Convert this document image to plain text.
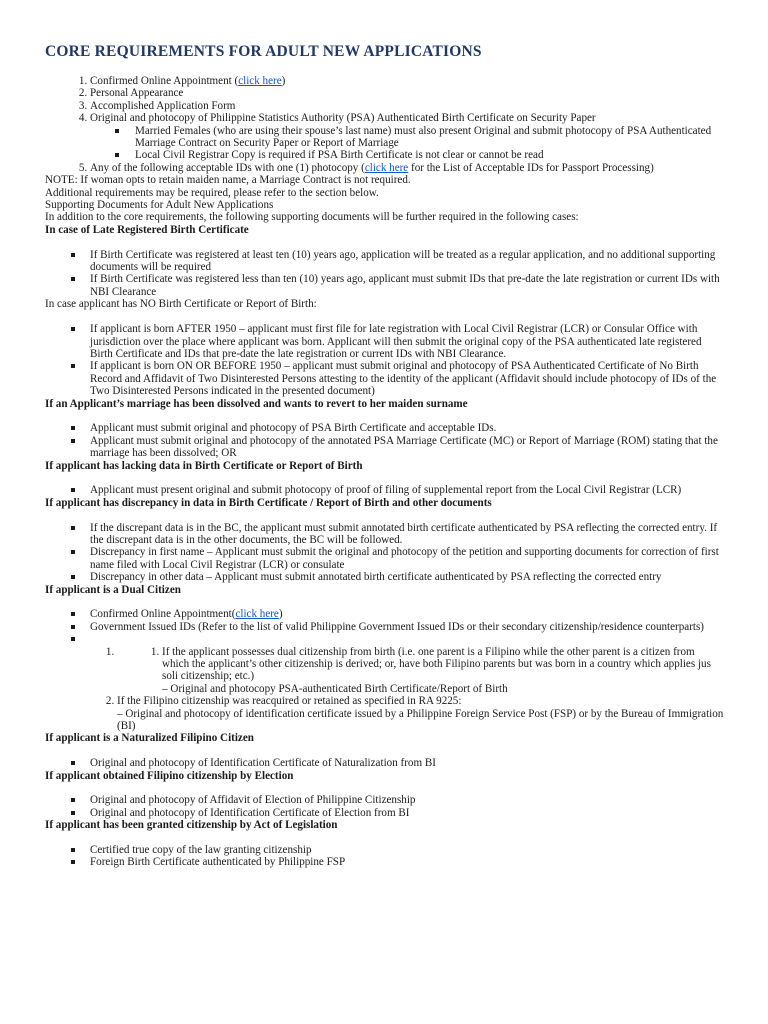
CORE REQUIREMENTS FOR ADULT NEW APPLICATIONS
1. Confirmed Online Appointment (click here)
2. Personal Appearance
3. Accomplished Application Form
4. Original and photocopy of Philippine Statistics Authority (PSA) Authenticated Birth Certificate on Security Paper
Married Females (who are using their spouse’s last name) must also present Original and submit photocopy of PSA Authenticated Marriage Contract on Security Paper or Report of Marriage
Local Civil Registrar Copy is required if PSA Birth Certificate is not clear or cannot be read
5. Any of the following acceptable IDs with one (1) photocopy (click here for the List of Acceptable IDs for Passport Processing)

NOTE: If woman opts to retain maiden name, a Marriage Contract is not required.

Additional requirements may be required, please refer to the section below.

Supporting Documents for Adult New Applications

In addition to the core requirements, the following supporting documents will be further required in the following cases:

In case of Late Registered Birth Certificate

If Birth Certificate was registered at least ten (10) years ago, application will be treated as a regular application, and no additional supporting documents will be required
If Birth Certificate was registered less than ten (10) years ago, applicant must submit IDs that pre-date the late registration or current IDs with NBI Clearance

In case applicant has NO Birth Certificate or Report of Birth:

If applicant is born AFTER 1950 – applicant must first file for late registration with Local Civil Registrar (LCR) or Consular Office with jurisdiction over the place where applicant was born. Applicant will then submit the original copy of the PSA authenticated late registered Birth Certificate and IDs that pre-date the late registration or current IDs with NBI Clearance.
If applicant is born ON OR BEFORE 1950 – applicant must submit original and photocopy of PSA Authenticated Certificate of No Birth Record and Affidavit of Two Disinterested Persons attesting to the identity of the applicant (Affidavit should include photocopy of IDs of the Two Disinterested Persons indicated in the presented document)

If an Applicant’s marriage has been dissolved and wants to revert to her maiden surname

Applicant must submit original and photocopy of PSA Birth Certificate and acceptable IDs.
Applicant must submit original and photocopy of the annotated PSA Marriage Certificate (MC) or Report of Marriage (ROM) stating that the marriage has been dissolved; OR

If applicant has lacking data in Birth Certificate or Report of Birth

Applicant must present original and submit photocopy of proof of filing of supplemental report from the Local Civil Registrar (LCR)

If applicant has discrepancy in data in Birth Certificate / Report of Birth and other documents

If the discrepant data is in the BC, the applicant must submit annotated birth certificate authenticated by PSA reflecting the corrected entry. If the discrepant data is in the other documents, the BC will be followed.
Discrepancy in first name – Applicant must submit the original and photocopy of the petition and supporting documents for correction of first name filed with Local Civil Registrar (LCR) or consulate
Discrepancy in other data – Applicant must submit annotated birth certificate authenticated by PSA reflecting the corrected entry

If applicant is a Dual Citizen

Confirmed Online Appointment(click here)
Government Issued IDs (Refer to the list of valid Philippine Government Issued IDs or their secondary citizenship/residence counterparts)
1. 1. If the applicant possesses dual citizenship from birth (i.e. one parent is a Filipino while the other parent is a citizen from which the applicant’s other citizenship is derived; or, have both Filipino parents but was born in a country which applies jus soli citizenship; etc.)
– Original and photocopy PSA-authenticated Birth Certificate/Report of Birth
2. If the Filipino citizenship was reacquired or retained as specified in RA 9225:
– Original and photocopy of identification certificate issued by a Philippine Foreign Service Post (FSP) or by the Bureau of Immigration (BI)

If applicant is a Naturalized Filipino Citizen

Original and photocopy of Identification Certificate of Naturalization from BI

If applicant obtained Filipino citizenship by Election

Original and photocopy of Affidavit of Election of Philippine Citizenship
Original and photocopy of Identification Certificate of Election from BI

If applicant has been granted citizenship by Act of Legislation

Certified true copy of the law granting citizenship
Foreign Birth Certificate authenticated by Philippine FSP
